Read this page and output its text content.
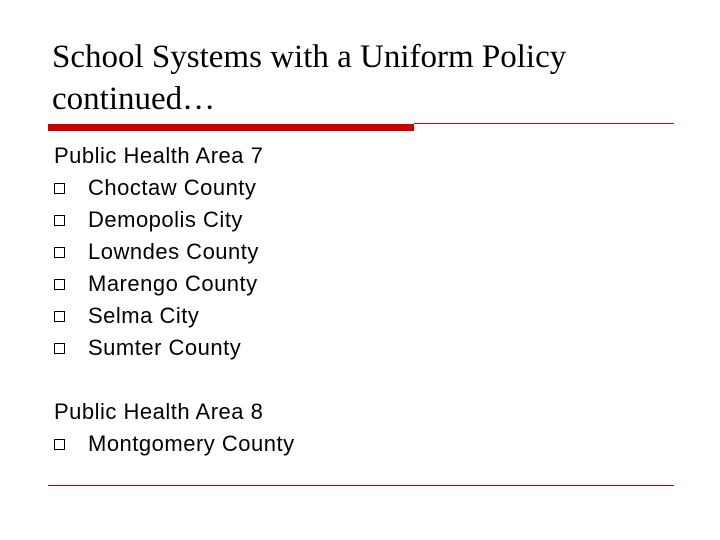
School Systems with a Uniform Policy
continued…

Public Health Area 7

Choctaw County
Demopolis City
Lowndes County
Marengo County
Selma City
Sumter County

Public Health Area 8

Montgomery County
